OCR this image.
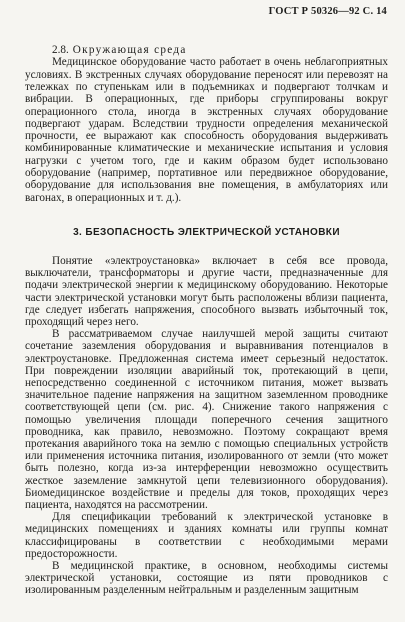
ГОСТ Р 50326—92 С. 14
2.8. Окружающая среда

Медицинское оборудование часто работает в очень неблагоприятных условиях. В экстренных случаях оборудование переносят или перевозят на тележках по ступенькам или в подъемниках и подвергают толчкам и вибрации. В операционных, где приборы сгруппированы вокруг операционного стола, иногда в экстренных случаях оборудование подвергают ударам. Вследствии трудности определения механической прочности, ее выражают как способность оборудования выдерживать комбинированные климатические и механические испытания и условия нагрузки с учетом того, где и каким образом будет использовано оборудование (например, портативное или передвижное оборудование, оборудование для использования вне помещения, в амбулаториях или вагонах, в операционных и т. д.).

3. БЕЗОПАСНОСТЬ ЭЛЕКТРИЧЕСКОЙ УСТАНОВКИ

Понятие «электроустановка» включает в себя все провода, выключатели, трансформаторы и другие части, предназначенные для подачи электрической энергии к медицинскому оборудованию. Некоторые части электрической установки могут быть расположены вблизи пациента, где следует избегать напряжения, способного вызвать избыточный ток, проходящий через него.

В рассматриваемом случае наилучшей мерой защиты считают сочетание заземления оборудования и выравнивания потенциалов в электроустановке. Предложенная система имеет серьезный недостаток. При повреждении изоляции аварийный ток, протекающий в цепи, непосредственно соединенной с источником питания, может вызвать значительное падение напряжения на защитном заземленном проводнике соответствующей цепи (см. рис. 4). Снижение такого напряжения с помощью увеличения площади поперечного сечения защитного проводника, как правило, невозможно. Поэтому сокращают время протекания аварийного тока на землю с помощью специальных устройств или применения источника питания, изолированного от земли (что может быть полезно, когда из-за интерференции невозможно осуществить жесткое заземление замкнутой цепи телевизионного оборудования). Биомедицинское воздействие и пределы для токов, проходящих через пациента, находятся на рассмотрении.

Для спецификации требований к электрической установке в медицинских помещениях и зданиях комнаты или группы комнат классифицированы в соответствии с необходимыми мерами предосторожности.

В медицинской практике, в основном, необходимы системы электрической установки, состоящие из пяти проводников с изолированным разделенным нейтральным и разделенным защитным
